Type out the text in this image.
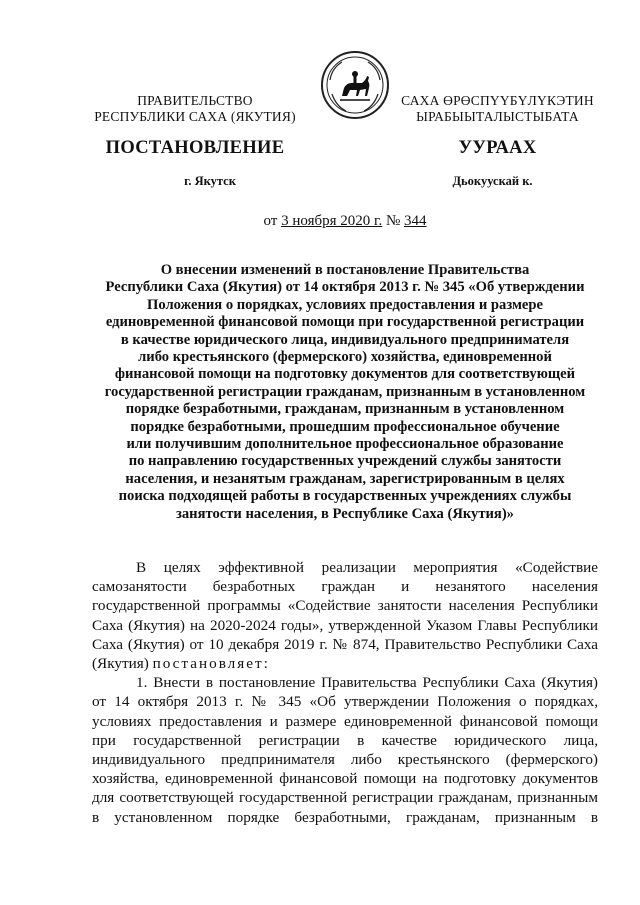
ПРАВИТЕЛЬСТВО
РЕСПУБЛИКИ САХА (ЯКУТИЯ)
САХА ӨРӨСПҮҮБҮЛҮКЭТИН
ЫРАБЫЫТАЛЫСТЫБАТА
ПОСТАНОВЛЕНИЕ	УУРААХ
г. Якутск	Дьокуускай к.
от 3 ноября 2020 г. № 344
О внесении изменений в постановление Правительства
Республики Саха (Якутия) от 14 октября 2013 г. № 345 «Об утверждении
Положения о порядках, условиях предоставления и размере
единовременной финансовой помощи при государственной регистрации
в качестве юридического лица, индивидуального предпринимателя
либо крестьянского (фермерского) хозяйства, единовременной
финансовой помощи на подготовку документов для соответствующей
государственной регистрации гражданам, признанным в установленном
порядке безработными, гражданам, признанным в установленном
порядке безработными, прошедшим профессиональное обучение
или получившим дополнительное профессиональное образование
по направлению государственных учреждений службы занятости
населения, и незанятым гражданам, зарегистрированным в целях
поиска подходящей работы в государственных учреждениях службы
занятости населения, в Республике Саха (Якутия)»

В целях эффективной реализации мероприятия «Содействие самозанятости безработных граждан и незанятого населения государственной программы «Содействие занятости населения Республики Саха (Якутия) на 2020-2024 годы», утвержденной Указом Главы Республики Саха (Якутия) от 10 декабря 2019 г. № 874, Правительство Республики Саха (Якутия) постановляет:

1. Внести в постановление Правительства Республики Саха (Якутия) от 14 октября 2013 г. № 345 «Об утверждении Положения о порядках, условиях предоставления и размере единовременной финансовой помощи при государственной регистрации в качестве юридического лица, индивидуального предпринимателя либо крестьянского (фермерского) хозяйства, единовременной финансовой помощи на подготовку документов для соответствующей государственной регистрации гражданам, признанным в установленном порядке безработными, гражданам, признанным в
